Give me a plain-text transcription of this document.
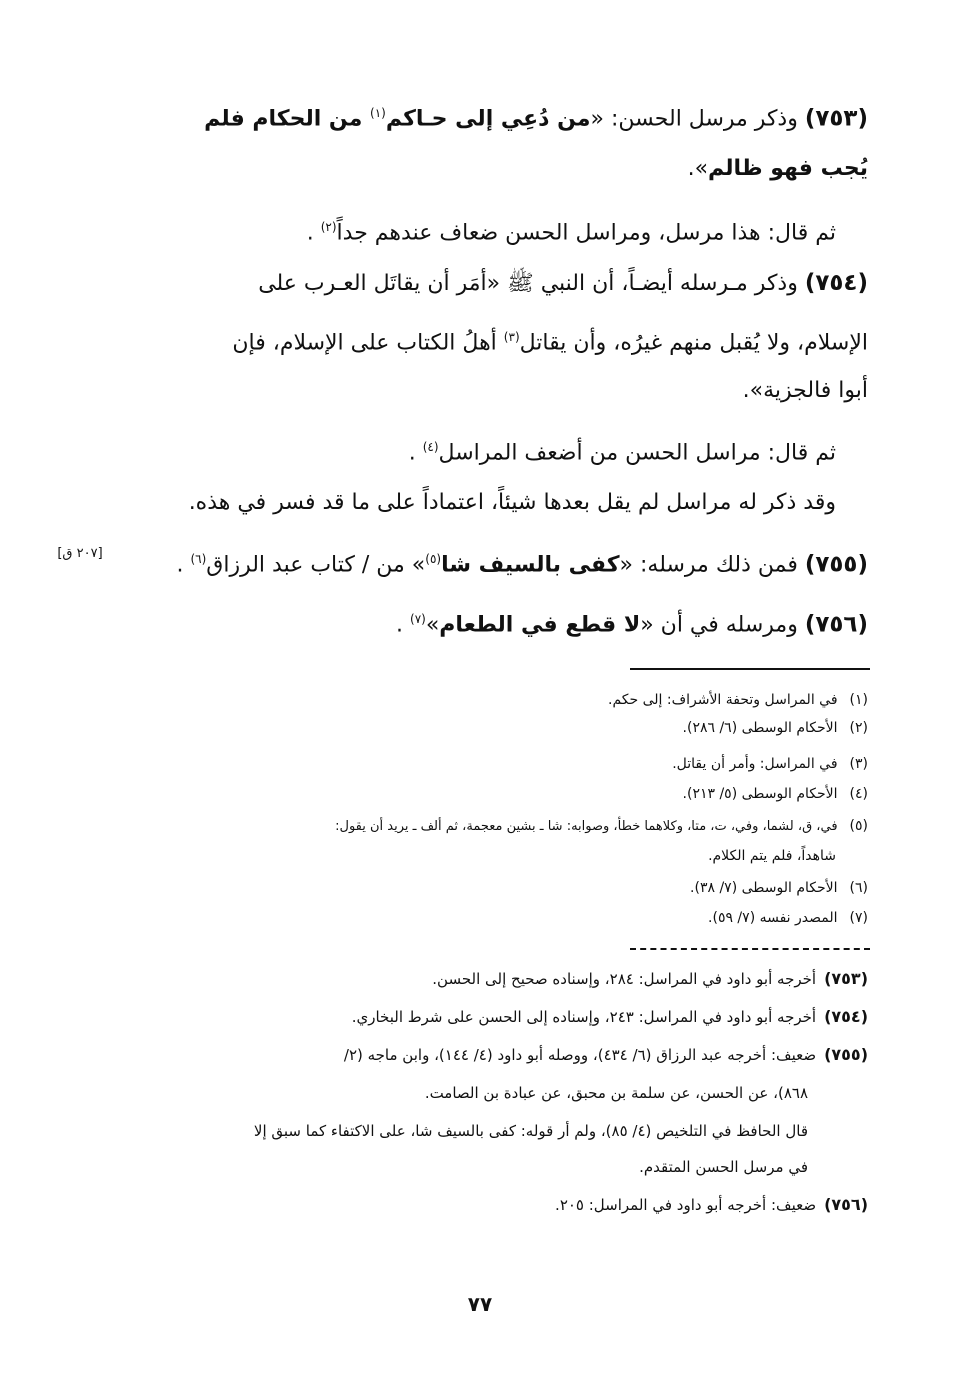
(٧٥٣) وذكر مرسل الحسن: «من دُعِي إلى حـاكم$^{(١)}$ من الحكام فلم
يُجب فهو ظالم».
ثم قال: هذا مرسل، ومراسل الحسن ضعاف عندهم جداً$^{(٢)}$ .
(٧٥٤) وذكر مـرسله أيضـاً، أن النبي ﷺ «أمَر أن يقاتَل العـرب على
الإسلام، ولا يُقبل منهم غيرُه، وأن يقاتل$^{(٣)}$ أهلُ الكتاب على الإسلام، فإن
أبوا فالجزية».
ثم قال: مراسل الحسن من أضعف المراسل$^{(٤)}$ .
وقد ذكر له مراسل لم يقل بعدها شيئاً، اعتماداً على ما قد فسر في هذه.
(٧٥٥) فمن ذلك مرسله: «كفى بالسيف شا$^{(٥)}$» من / كتاب عبد الرزاق$^{(٦)}$ .
[٢٠٧ ق]
(٧٥٦) ومرسله في أن «لا قطع في الطعام»$^{(٧)}$ .
(١)في المراسل وتحفة الأشراف: إلى حكم.
(٢)الأحكام الوسطى (٦/ ٢٨٦).
(٣)في المراسل: وأمر أن يقاتل.
(٤)الأحكام الوسطى (٥/ ٢١٣).
(٥)في، ق، لشما، وفي، ت، متا، وكلاهما خطأ، وصوابه: شا ـ بشين معجمة، ثم ألف ـ يريد أن يقول:
شاهداً، فلم يتم الكلام.
(٦)الأحكام الوسطى (٧/ ٣٨).
(٧)المصدر نفسه (٧/ ٥٩).
(٧٥٣)أخرجه أبو داود في المراسل: ٢٨٤، وإسناده صحيح إلى الحسن.
(٧٥٤)أخرجه أبو داود في المراسل: ٢٤٣، وإسناده إلى الحسن على شرط البخاري.
(٧٥٥)ضعيف: أخرجه عبد الرزاق (٦/ ٤٣٤)، ووصله أبو داود (٤/ ١٤٤)، وابن ماجه (٢/
٨٦٨)، عن الحسن، عن سلمة بن محبق، عن عبادة بن الصامت.
قال الحافظ في التلخيص (٤/ ٨٥)، ولم أر قوله: كفى بالسيف شا، على الاكتفاء كما سبق إلا
في مرسل الحسن المتقدم.
(٧٥٦)ضعيف: أخرجه أبو داود في المراسل: ٢٠٥.
٧٧
